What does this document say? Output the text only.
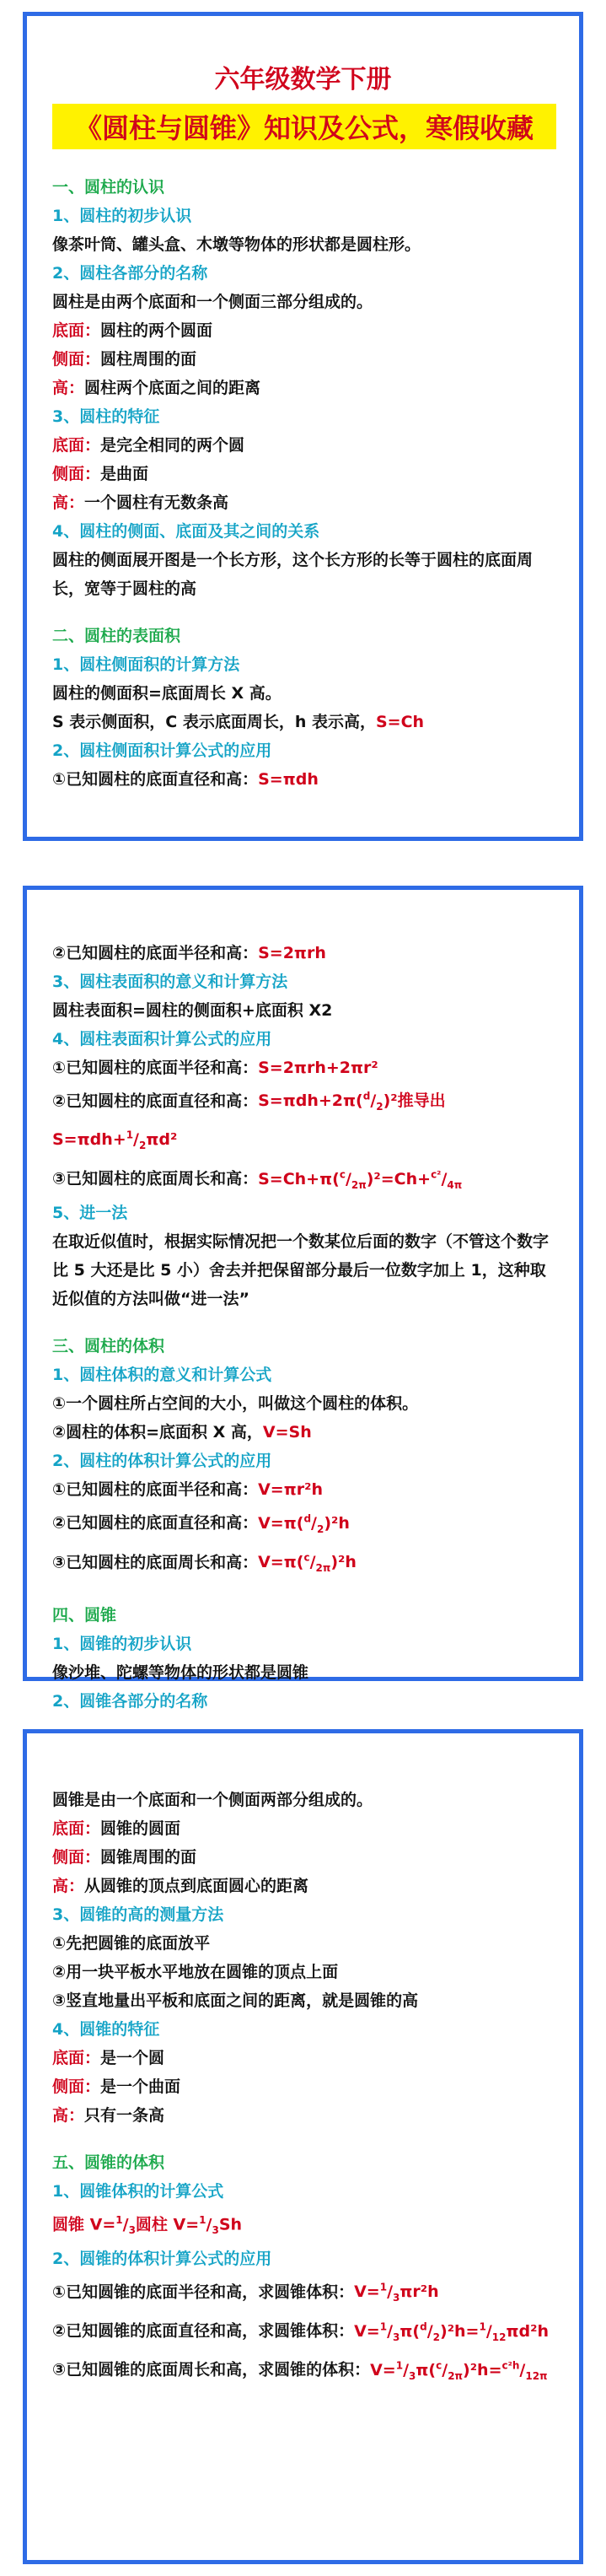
六年级数学下册
《圆柱与圆锥》知识及公式，寒假收藏
一、圆柱的认识
1、圆柱的初步认识
像茶叶筒、罐头盒、木墩等物体的形状都是圆柱形。
2、圆柱各部分的名称
圆柱是由两个底面和一个侧面三部分组成的。
底面：圆柱的两个圆面
侧面：圆柱周围的面
高：圆柱两个底面之间的距离
3、圆柱的特征
底面：是完全相同的两个圆
侧面：是曲面
高：一个圆柱有无数条高
4、圆柱的侧面、底面及其之间的关系
圆柱的侧面展开图是一个长方形，这个长方形的长等于圆柱的底面周长，宽等于圆柱的高
二、圆柱的表面积
1、圆柱侧面积的计算方法
圆柱的侧面积=底面周长 X 高。
S 表示侧面积，C 表示底面周长，h 表示高，S=Ch
2、圆柱侧面积计算公式的应用
①已知圆柱的底面直径和高：S=πdh
②已知圆柱的底面半径和高：S=2πrh
3、圆柱表面积的意义和计算方法
圆柱表面积=圆柱的侧面积+底面积 X2
4、圆柱表面积计算公式的应用
①已知圆柱的底面半径和高：S=2πrh+2πr²
②已知圆柱的底面直径和高：$S=\pi dh+2\pi(^d/_2)^2$推导出 $S=\pi dh+^1/_2\pi d^2$
③已知圆柱的底面周长和高：$S=Ch+\pi(^c/_{2\pi})^2=Ch+^{c^2}/_{4\pi}$
5、进一法
在取近似值时，根据实际情况把一个数某位后面的数字（不管这个数字比 5 大还是比 5 小）舍去并把保留部分最后一位数字加上 1，这种取近似值的方法叫做“进一法”
三、圆柱的体积
1、圆柱体积的意义和计算公式
①一个圆柱所占空间的大小，叫做这个圆柱的体积。
②圆柱的体积=底面积 X 高，V=Sh
2、圆柱的体积计算公式的应用
①已知圆柱的底面半径和高：V=πr²h
②已知圆柱的底面直径和高：$V=\pi(^d/_2)^2h$
③已知圆柱的底面周长和高：$V=\pi(^c/_{2\pi})^2h$
四、圆锥
1、圆锥的初步认识
像沙堆、陀螺等物体的形状都是圆锥
2、圆锥各部分的名称
圆锥是由一个底面和一个侧面两部分组成的。
底面：圆锥的圆面
侧面：圆锥周围的面
高：从圆锥的顶点到底面圆心的距离
3、圆锥的高的测量方法
①先把圆锥的底面放平
②用一块平板水平地放在圆锥的顶点上面
③竖直地量出平板和底面之间的距离，就是圆锥的高
4、圆锥的特征
底面：是一个圆
侧面：是一个曲面
高：只有一条高
五、圆锥的体积
1、圆锥体积的计算公式
圆锥 $V=^1/_3$圆柱 $V=^1/_3Sh$
2、圆锥的体积计算公式的应用
①已知圆锥的底面半径和高，求圆锥体积：$V=^1/_3\pi r^2h$
②已知圆锥的底面直径和高，求圆锥体积：$V=^1/_3\pi(^d/_2)^2h=^1/_{12}\pi d^2h$
③已知圆锥的底面周长和高，求圆锥的体积：$V=^1/_3\pi(^c/_{2\pi})^2h=^{c^2h}/_{12\pi}$
